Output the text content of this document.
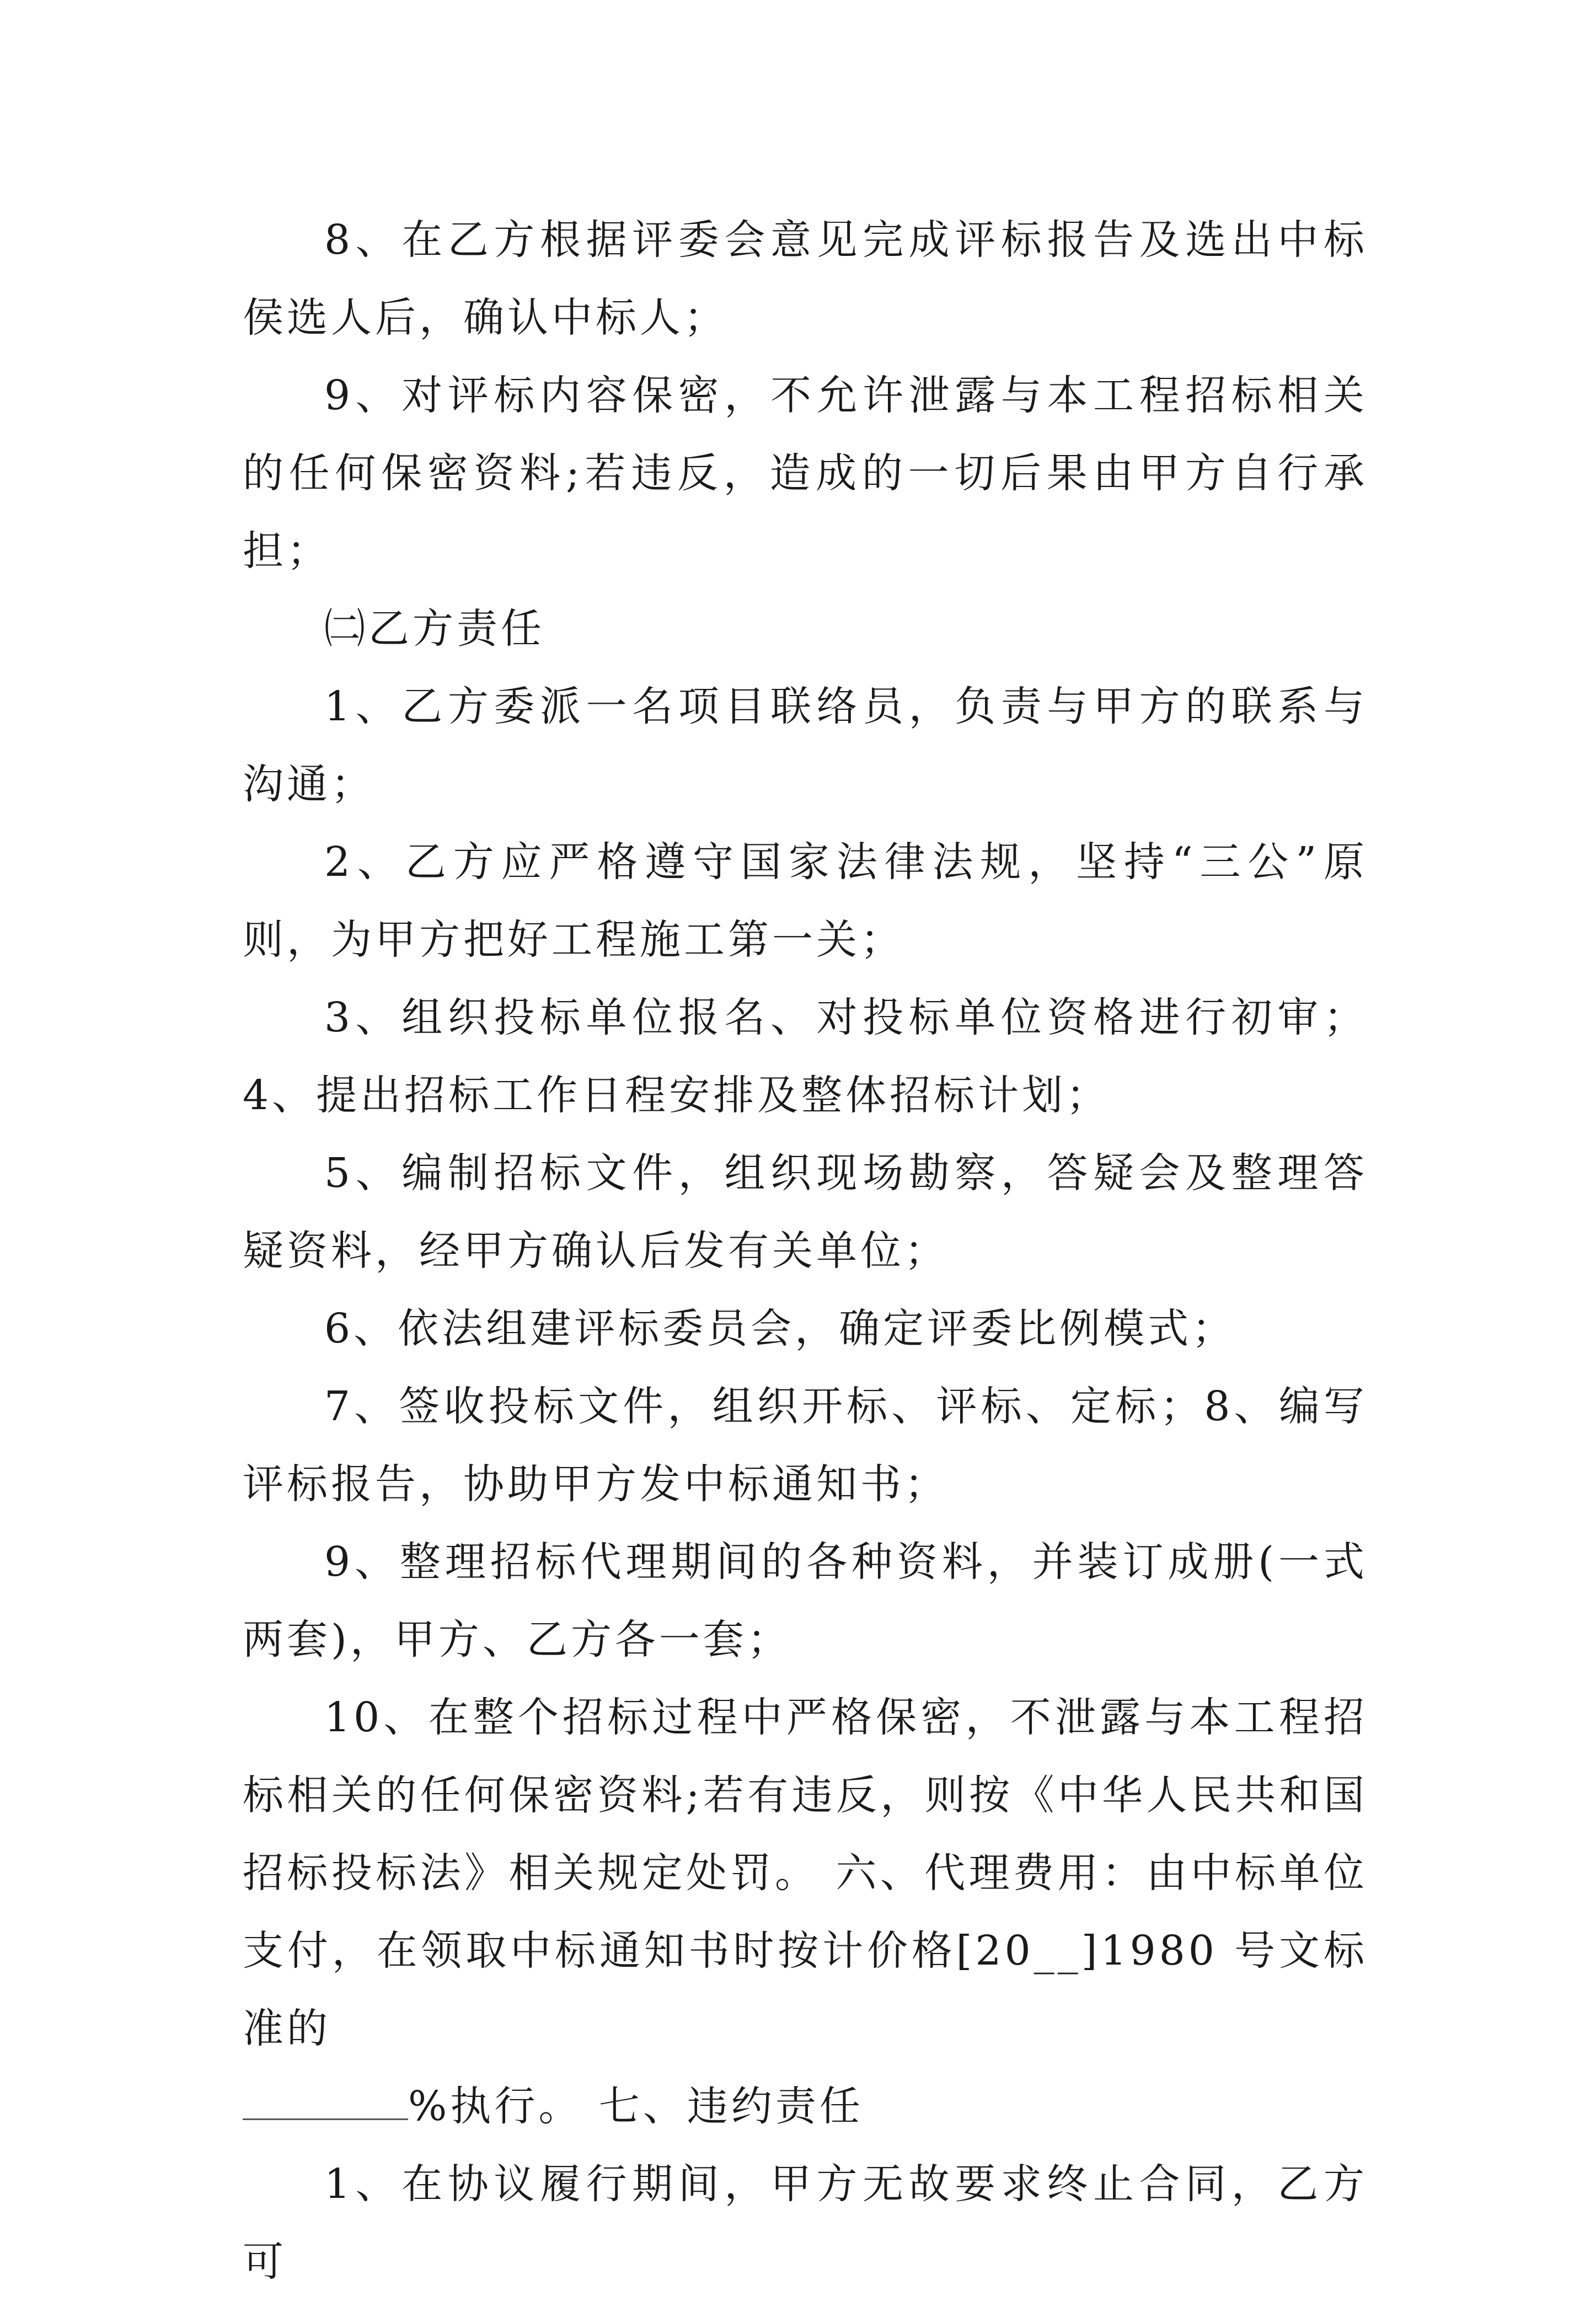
8、在乙方根据评委会意见完成评标报告及选出中标侯选人后，确认中标人；

9、对评标内容保密，不允许泄露与本工程招标相关的任何保密资料;若违反，造成的一切后果由甲方自行承担；

㈡乙方责任

1、乙方委派一名项目联络员，负责与甲方的联系与沟通；

2、乙方应严格遵守国家法律法规，坚持“三公”原则，为甲方把好工程施工第一关；

3、组织投标单位报名、对投标单位资格进行初审；4、提出招标工作日程安排及整体招标计划；

5、编制招标文件，组织现场勘察，答疑会及整理答疑资料，经甲方确认后发有关单位；

6、依法组建评标委员会，确定评委比例模式；

7、签收投标文件，组织开标、评标、定标；8、编写评标报告，协助甲方发中标通知书；

9、整理招标代理期间的各种资料，并装订成册(一式两套)，甲方、乙方各一套；

10、在整个招标过程中严格保密，不泄露与本工程招标相关的任何保密资料;若有违反，则按《中华人民共和国招标投标法》相关规定处罚。 六、代理费用：由中标单位支付，在领取中标通知书时按计价格[20__]1980 号文标准的

%执行。 七、违约责任

1、在协议履行期间，甲方无故要求终止合同，乙方可
